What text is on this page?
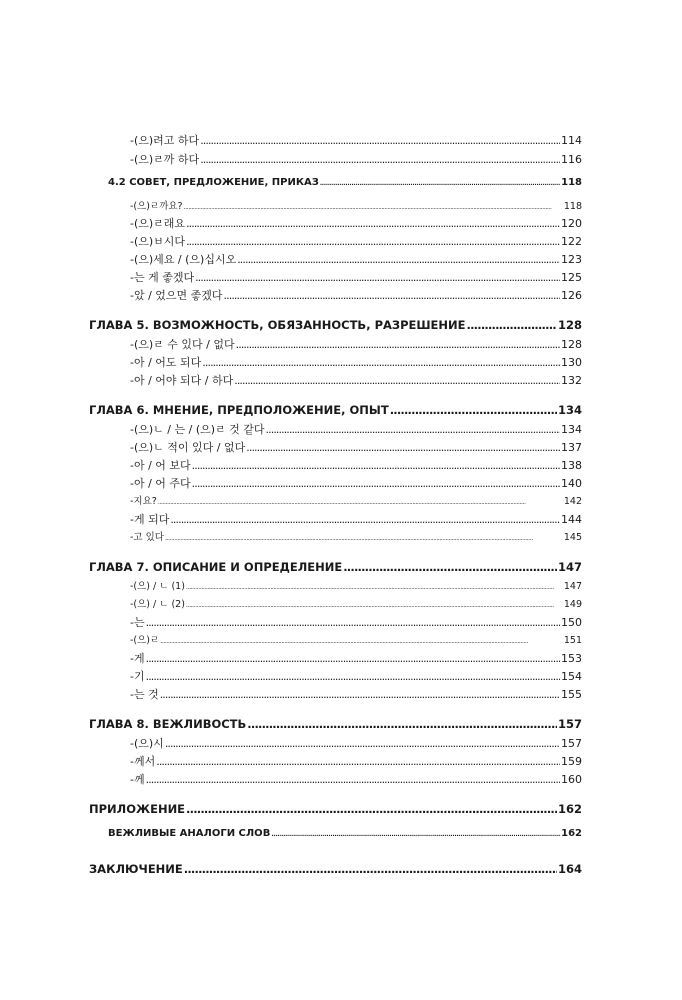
-(으)려고 하다 . . .	114
-(으)ㄹ까 하다 . . .	116
4.2 СОВЕТ, ПРЕДЛОЖЕНИЕ, ПРИКАЗ . . .	118
-(으)ㄹ까요? . . .	118
-(으)ㄹ래요 . . .	120
-(으)ㅂ시다 . . .	122
-(으)세요 / (으)십시오 . . .	123
-는 게 좋겠다 . . .	125
-았 / 었으면 좋겠다 . . .	126
ГЛАВА 5. ВОЗМОЖНОСТЬ, ОБЯЗАННОСТЬ, РАЗРЕШЕНИЕ . . .	128
-(으)ㄹ 수 있다 / 없다 . . .	128
-아 / 어도 되다 . . .	130
-아 / 어야 되다 / 하다 . . .	132
ГЛАВА 6. МНЕНИЕ, ПРЕДПОЛОЖЕНИЕ, ОПЫТ . . .	134
-(으)ㄴ / 는 / (으)ㄹ 것 같다 . . .	134
-(으)ㄴ 적이 있다 / 없다 . . .	137
-아 / 어 보다 . . .	138
-아 / 어 주다 . . .	140
-지요? . . .	142
-게 되다 . . .	144
-고 있다 . . .	145
ГЛАВА 7. ОПИСАНИЕ И ОПРЕДЕЛЕНИЕ . . .	147
-(으) / ㄴ (1) . . .	147
-(으) / ㄴ (2) . . .	149
-는 . . .	150
-(으)ㄹ . . .	151
-게 . . .	153
-기 . . .	154
-는 것 . . .	155
ГЛАВА 8. ВЕЖЛИВОСТЬ . . .	157
-(으)시 . . .	157
-께서 . . .	159
-께 . . .	160
ПРИЛОЖЕНИЕ . . .	162
ВЕЖЛИВЫЕ АНАЛОГИ СЛОВ . . .	162
ЗАКЛЮЧЕНИЕ . . .	164
